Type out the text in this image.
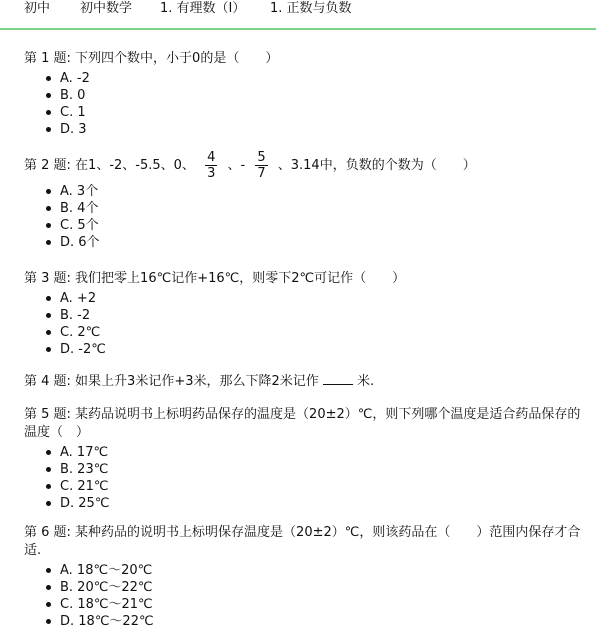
初中 初中数学 1. 有理数（I） 1. 正数与负数
第 1 题: 下列四个数中，小于0的是（　　）
A. -2
B. 0
C. 1
D. 3
第 2 题: 在1、-2、-5.5、0、 $\frac{4}{3}$ 、- $\frac{5}{7}$ 、3.14中，负数的个数为（　　）
A. 3个
B. 4个
C. 5个
D. 6个
第 3 题: 我们把零上16℃记作+16℃，则零下2℃可记作（　　）
A. +2
B. -2
C. 2℃
D. -2℃
第 4 题: 如果上升3米记作+3米，那么下降2米记作	米.
第 5 题: 某药品说明书上标明药品保存的温度是（20±2）℃，则下列哪个温度是适合药品保存的温度（　）
A. 17℃
B. 23℃
C. 21℃
D. 25℃
第 6 题: 某种药品的说明书上标明保存温度是（20±2）℃，则该药品在（　　）范围内保存才合适.
A. 18℃～20℃
B. 20℃～22℃
C. 18℃～21℃
D. 18℃～22℃
